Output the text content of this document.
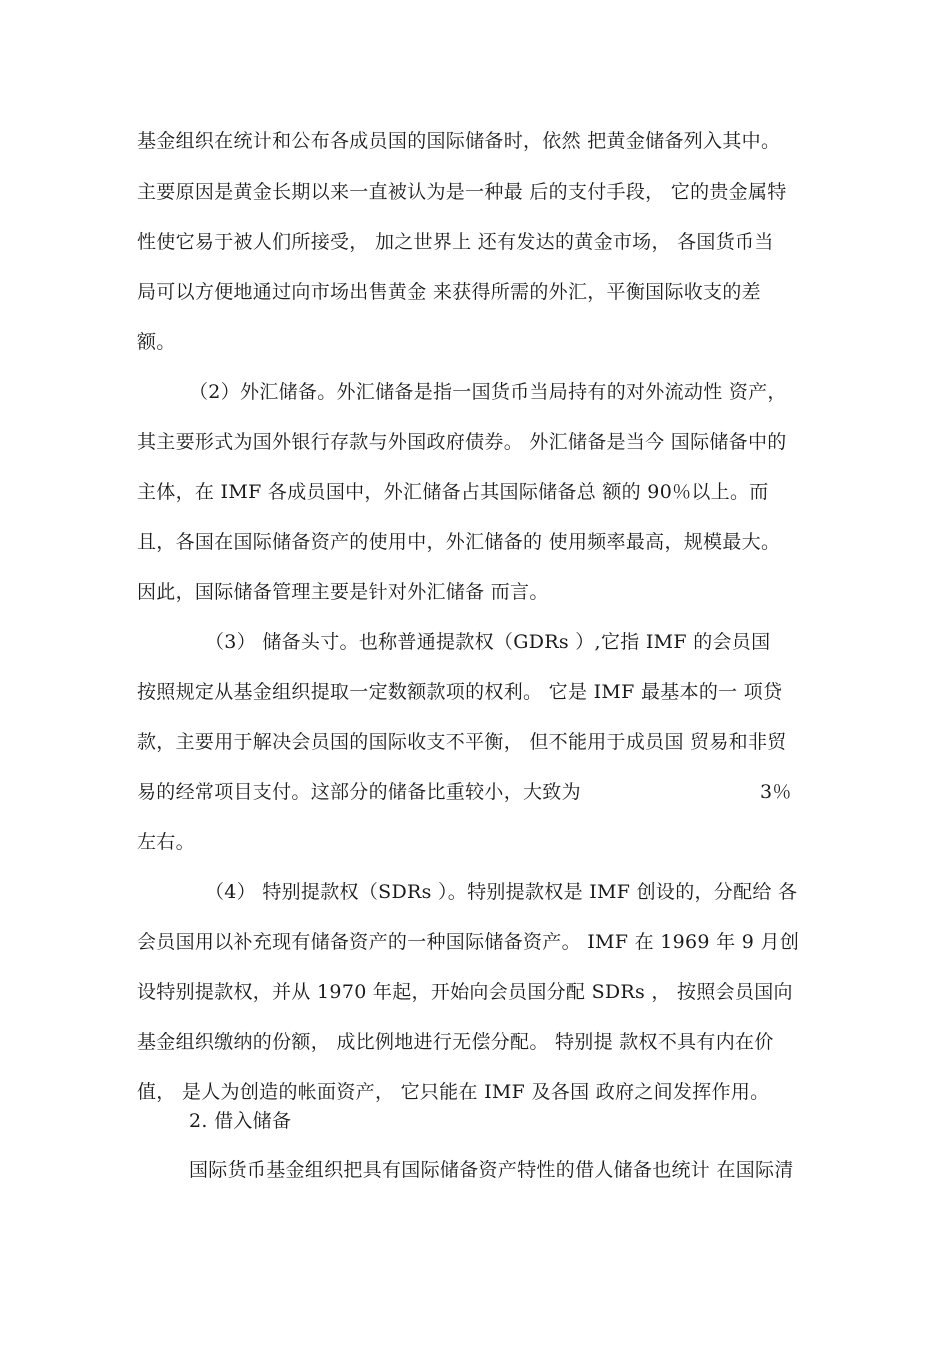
基金组织在统计和公布各成员国的国际储备时，依然 把黄金储备列入其中。
主要原因是黄金长期以来一直被认为是一种最 后的支付手段， 它的贵金属特
性使它易于被人们所接受， 加之世界上 还有发达的黄金市场， 各国货币当
局可以方便地通过向市场出售黄金 来获得所需的外汇，平衡国际收支的差
额。
（2）外汇储备。外汇储备是指一国货币当局持有的对外流动性 资产，
其主要形式为国外银行存款与外国政府债券。 外汇储备是当今 国际储备中的
主体，在 IMF 各成员国中，外汇储备占其国际储备总 额的 90％以上。而
且，各国在国际储备资产的使用中，外汇储备的 使用频率最高，规模最大。
因此，国际储备管理主要是针对外汇储备 而言。
（3） 储备头寸。也称普通提款权（GDRs ）,它指 IMF 的会员国
按照规定从基金组织提取一定数额款项的权利。 它是 IMF 最基本的一 项贷
款，主要用于解决会员国的国际收支不平衡， 但不能用于成员国 贸易和非贸
易的经常项目支付。这部分的储备比重较小，大致为	3％
左右。
（4） 特别提款权（SDRs ）。特别提款权是 IMF 创设的，分配给 各
会员国用以补充现有储备资产的一种国际储备资产。 IMF 在 1969 年 9 月创
设特别提款权，并从 1970 年起，开始向会员国分配 SDRs ， 按照会员国向
基金组织缴纳的份额， 成比例地进行无偿分配。 特别提 款权不具有内在价
值， 是人为创造的帐面资产， 它只能在 IMF 及各国 政府之间发挥作用。
2. 借入储备
国际货币基金组织把具有国际储备资产特性的借人储备也统计 在国际清
